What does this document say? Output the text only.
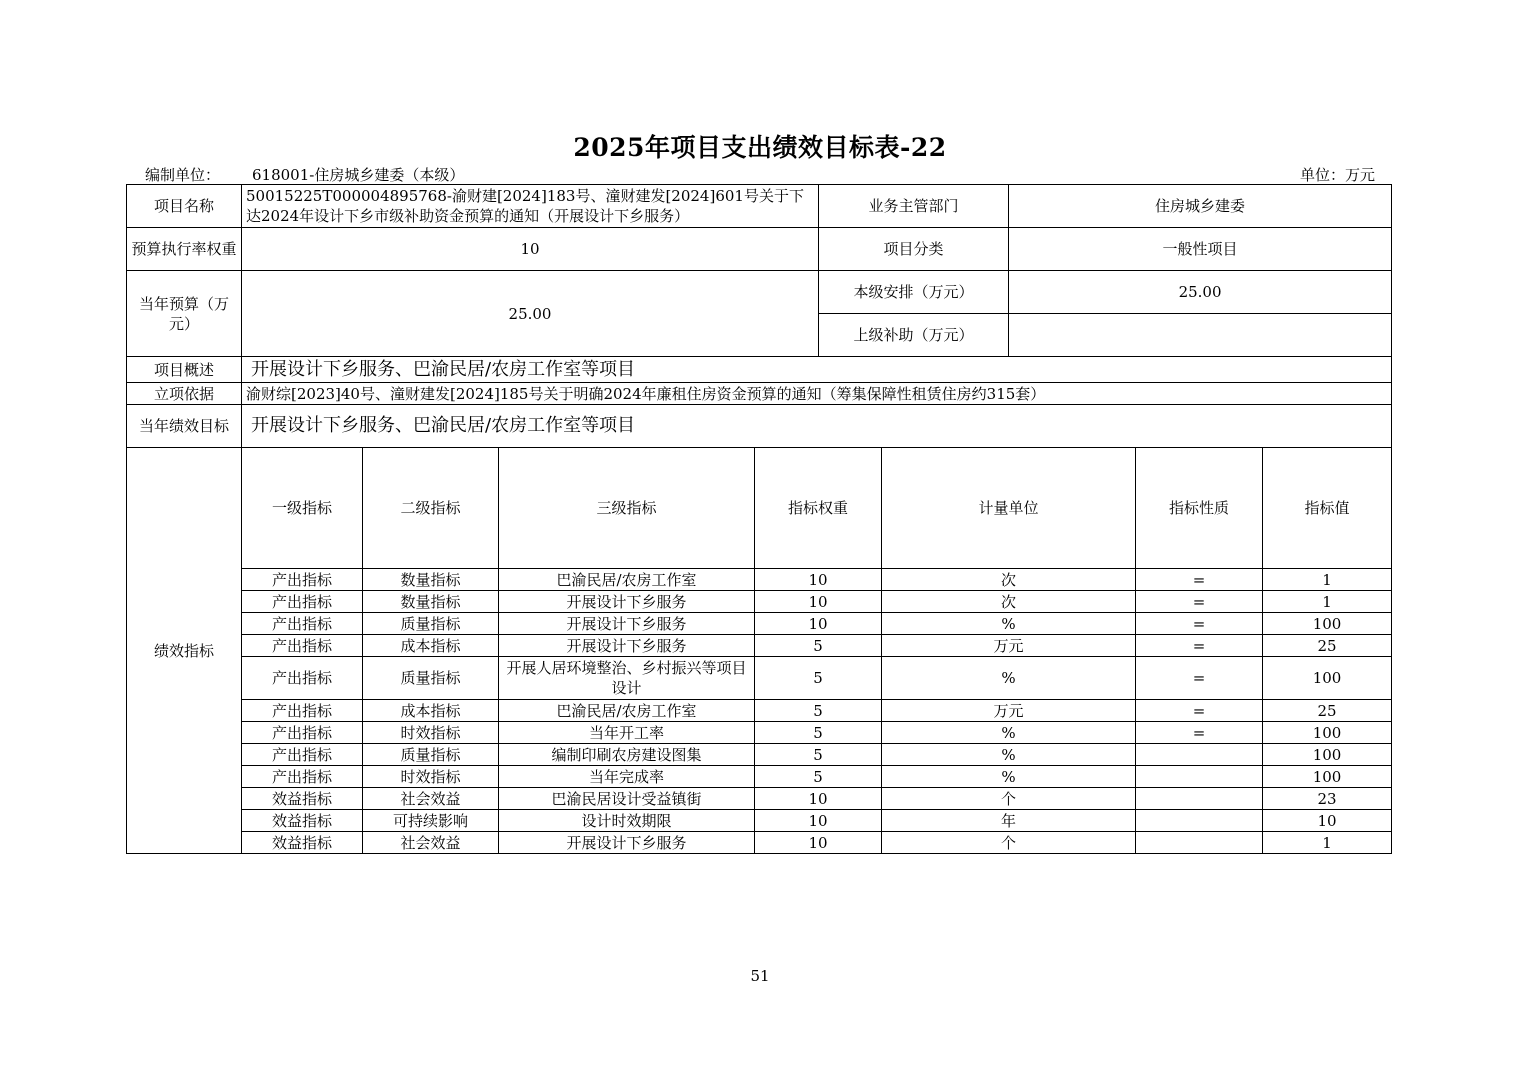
2025年项目支出绩效目标表-22
编制单位： 618001-住房城乡建委（本级）	单位：万元
项目名称	50015225T000004895768-渝财建[2024]183号、潼财建发[2024]601号关于下达2024年设计下乡市级补助资金预算的通知（开展设计下乡服务）				业务主管部门		住房城乡建委			
预算执行率权重	10				项目分类		一般性项目			
当年预算（万元）	25.00				本级安排（万元）		25.00			
					上级补助（万元）					
项目概述	开展设计下乡服务、巴渝民居/农房工作室等项目									
立项依据	渝财综[2023]40号、潼财建发[2024]185号关于明确2024年廉租住房资金预算的通知（筹集保障性租赁住房约315套）									
当年绩效目标	开展设计下乡服务、巴渝民居/农房工作室等项目									
绩效指标	一级指标	二级指标	三级指标	指标权重		计量单位		指标性质	指标值	
	产出指标	数量指标	巴渝民居/农房工作室	10		次		=	1	
	产出指标	数量指标	开展设计下乡服务	10		次		=	1	
	产出指标	质量指标	开展设计下乡服务	10		%		=	100	
	产出指标	成本指标	开展设计下乡服务	5		万元		=	25	
	产出指标	质量指标	开展人居环境整治、乡村振兴等项目设计	5		%		=	100	
	产出指标	成本指标	巴渝民居/农房工作室	5		万元		=	25	
	产出指标	时效指标	当年开工率	5		%		=	100	
	产出指标	质量指标	编制印刷农房建设图集	5		%			100	
	产出指标	时效指标	当年完成率	5		%			100	
	效益指标	社会效益	巴渝民居设计受益镇街	10		个			23	
	效益指标	可持续影响	设计时效期限	10		年			10	
	效益指标	社会效益	开展设计下乡服务	10		个			1	
51
